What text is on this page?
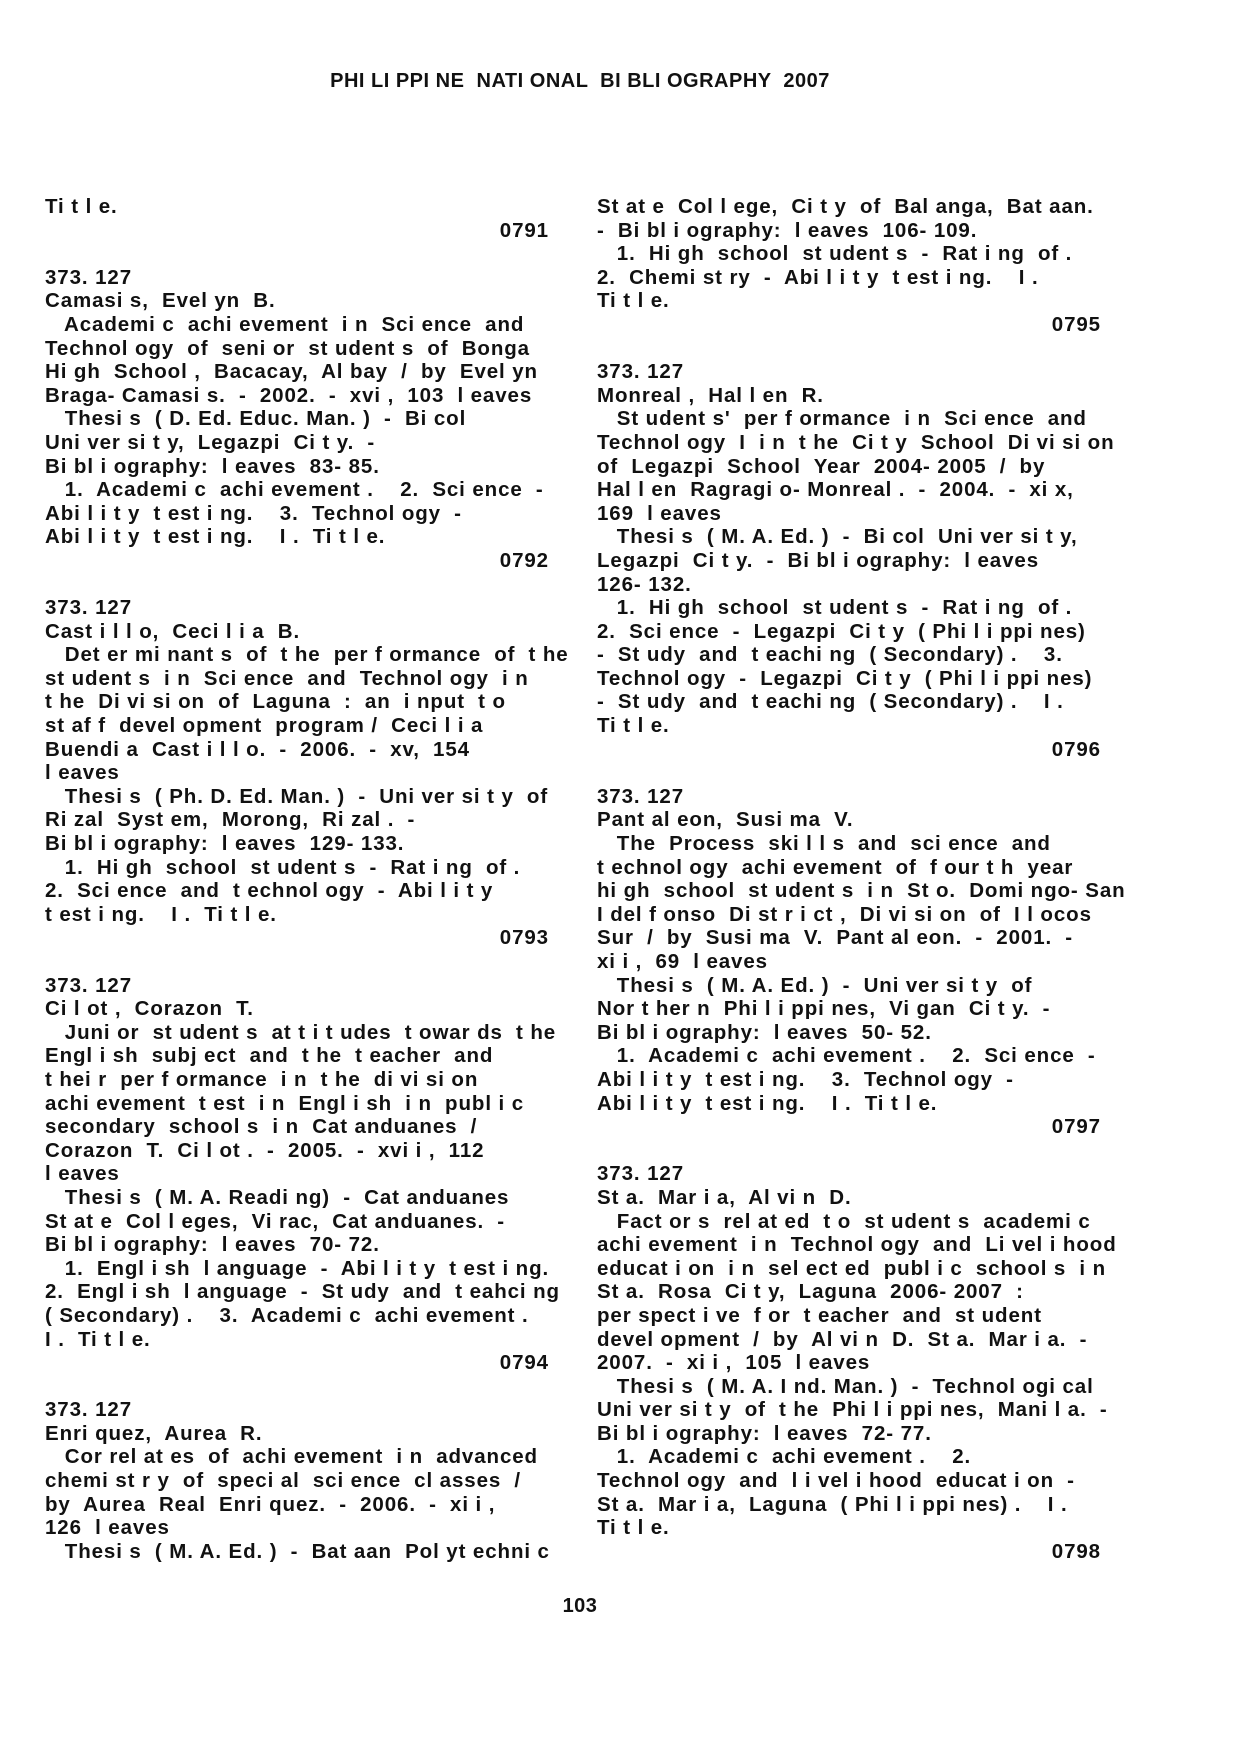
PHI LI PPI NE  NATI ONAL  BI BLI OGRAPHY  2007
Ti t l e.
0791
373. 127
Camasi s,  Evel yn  B.
Academi c  achi evement  i n  Sci ence  and
Technol ogy  of  seni or  st udent s  of  Bonga
Hi gh  School ,  Bacacay,  Al bay  /  by  Evel yn
Braga- Camasi s.  -  2002.  -  xvi ,  103  l eaves
Thesi s  ( D. Ed. Educ. Man. )  -  Bi col
Uni ver si t y,  Legazpi  Ci t y.  -
Bi bl i ography:  l eaves  83- 85.
1.  Academi c  achi evement .    2.  Sci ence  -
Abi l i t y  t est i ng.    3.  Technol ogy  -
Abi l i t y  t est i ng.    I .  Ti t l e.
0792
373. 127
Cast i l l o,  Ceci l i a  B.
Det er mi nant s  of  t he  per f ormance  of  t he
st udent s  i n  Sci ence  and  Technol ogy  i n
t he  Di vi si on  of  Laguna  :  an  i nput  t o
st af f  devel opment  program /  Ceci l i a
Buendi a  Cast i l l o.  -  2006.  -  xv,  154
l eaves
Thesi s  ( Ph. D. Ed. Man. )  -  Uni ver si t y  of
Ri zal  Syst em,  Morong,  Ri zal .  -
Bi bl i ography:  l eaves  129- 133.
1.  Hi gh  school  st udent s  -  Rat i ng  of .
2.  Sci ence  and  t echnol ogy  -  Abi l i t y
t est i ng.    I .  Ti t l e.
0793
373. 127
Ci l ot ,  Corazon  T.
Juni or  st udent s  at t i t udes  t owar ds  t he
Engl i sh  subj ect  and  t he  t eacher  and
t hei r  per f ormance  i n  t he  di vi si on
achi evement  t est  i n  Engl i sh  i n  publ i c
secondary  school s  i n  Cat anduanes  /
Corazon  T.  Ci l ot .  -  2005.  -  xvi i ,  112
l eaves
Thesi s  ( M. A. Readi ng)  -  Cat anduanes
St at e  Col l eges,  Vi rac,  Cat anduanes.  -
Bi bl i ography:  l eaves  70- 72.
1.  Engl i sh  l anguage  -  Abi l i t y  t est i ng.
2.  Engl i sh  l anguage  -  St udy  and  t eahci ng
( Secondary) .    3.  Academi c  achi evement .
I .  Ti t l e.
0794
373. 127
Enri quez,  Aurea  R.
Cor rel at es  of  achi evement  i n  advanced
chemi st r y  of  speci al  sci ence  cl asses  /
by  Aurea  Real  Enri quez.  -  2006.  -  xi i ,
126  l eaves
Thesi s  ( M. A. Ed. )  -  Bat aan  Pol yt echni c
St at e  Col l ege,  Ci t y  of  Bal anga,  Bat aan.
-  Bi bl i ography:  l eaves  106- 109.
1.  Hi gh  school  st udent s  -  Rat i ng  of .
2.  Chemi st ry  -  Abi l i t y  t est i ng.    I .
Ti t l e.
0795
373. 127
Monreal ,  Hal l en  R.
St udent s'  per f ormance  i n  Sci ence  and
Technol ogy  I  i n  t he  Ci t y  School  Di vi si on
of  Legazpi  School  Year  2004- 2005  /  by
Hal l en  Ragragi o- Monreal .  -  2004.  -  xi x,
169  l eaves
Thesi s  ( M. A. Ed. )  -  Bi col  Uni ver si t y,
Legazpi  Ci t y.  -  Bi bl i ography:  l eaves
126- 132.
1.  Hi gh  school  st udent s  -  Rat i ng  of .
2.  Sci ence  -  Legazpi  Ci t y  ( Phi l i ppi nes)
-  St udy  and  t eachi ng  ( Secondary) .    3.
Technol ogy  -  Legazpi  Ci t y  ( Phi l i ppi nes)
-  St udy  and  t eachi ng  ( Secondary) .    I .
Ti t l e.
0796
373. 127
Pant al eon,  Susi ma  V.
The  Process  ski l l s  and  sci ence  and
t echnol ogy  achi evement  of  f our t h  year
hi gh  school  st udent s  i n  St o.  Domi ngo- San
I del f onso  Di st r i ct ,  Di vi si on  of  I l ocos
Sur  /  by  Susi ma  V.  Pant al eon.  -  2001.  -
xi i ,  69  l eaves
Thesi s  ( M. A. Ed. )  -  Uni ver si t y  of
Nor t her n  Phi l i ppi nes,  Vi gan  Ci t y.  -
Bi bl i ography:  l eaves  50- 52.
1.  Academi c  achi evement .    2.  Sci ence  -
Abi l i t y  t est i ng.    3.  Technol ogy  -
Abi l i t y  t est i ng.    I .  Ti t l e.
0797
373. 127
St a.  Mar i a,  Al vi n  D.
Fact or s  rel at ed  t o  st udent s  academi c
achi evement  i n  Technol ogy  and  Li vel i hood
educat i on  i n  sel ect ed  publ i c  school s  i n
St a.  Rosa  Ci t y,  Laguna  2006- 2007  :
per spect i ve  f or  t eacher  and  st udent
devel opment  /  by  Al vi n  D.  St a.  Mar i a.  -
2007.  -  xi i ,  105  l eaves
Thesi s  ( M. A. I nd. Man. )  -  Technol ogi cal
Uni ver si t y  of  t he  Phi l i ppi nes,  Mani l a.  -
Bi bl i ography:  l eaves  72- 77.
1.  Academi c  achi evement .    2.
Technol ogy  and  l i vel i hood  educat i on  -
St a.  Mar i a,  Laguna  ( Phi l i ppi nes) .    I .
Ti t l e.
0798
103
